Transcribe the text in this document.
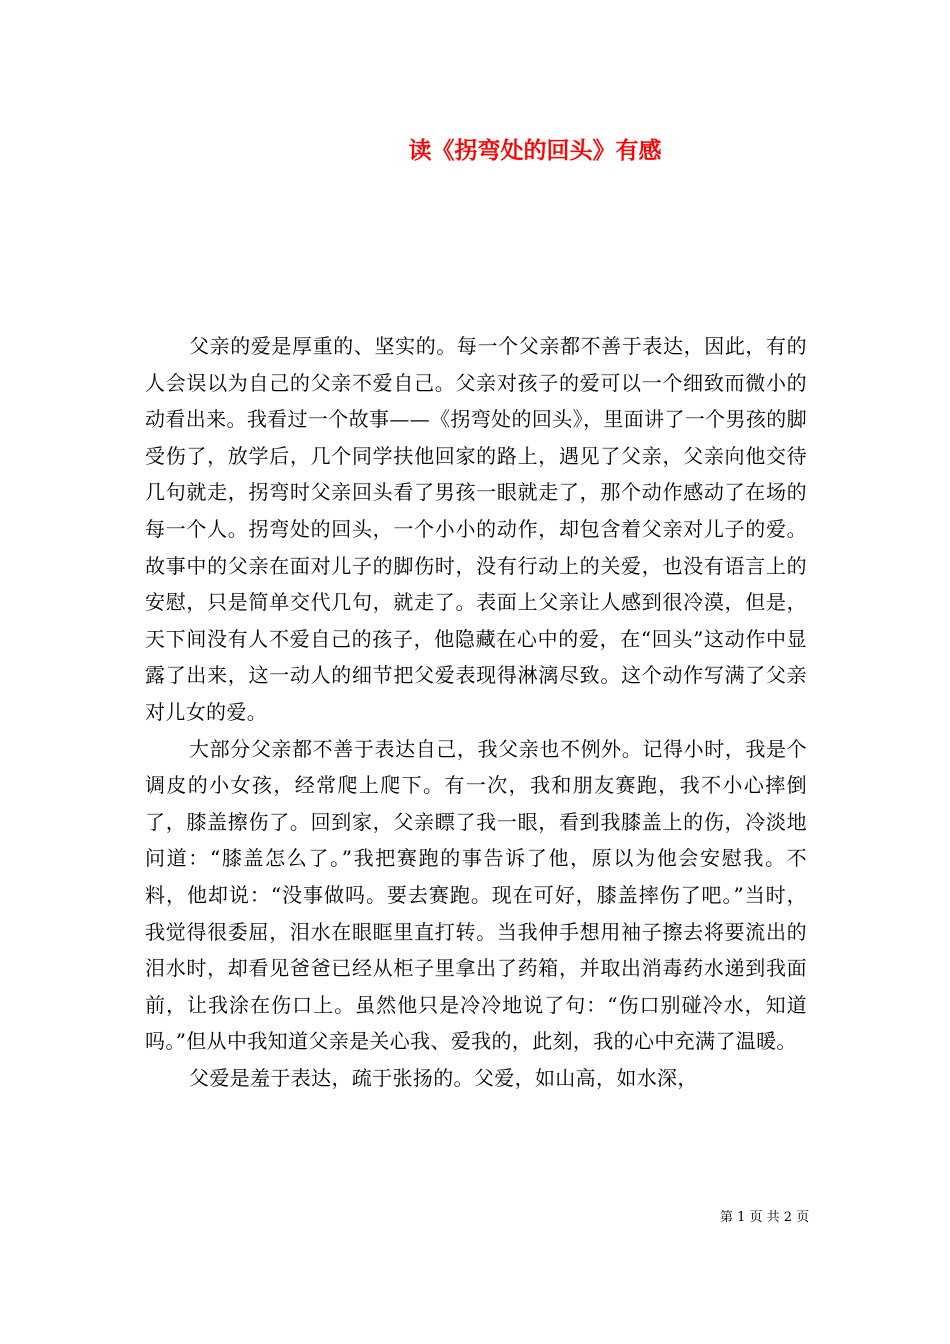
读《拐弯处的回头》有感

父亲的爱是厚重的、坚实的。每一个父亲都不善于表达，因此，有的人会误以为自己的父亲不爱自己。父亲对孩子的爱可以一个细致而微小的动看出来。我看过一个故事——《拐弯处的回头》，里面讲了一个男孩的脚受伤了，放学后，几个同学扶他回家的路上，遇见了父亲，父亲向他交待几句就走，拐弯时父亲回头看了男孩一眼就走了，那个动作感动了在场的每一个人。拐弯处的回头，一个小小的动作，却包含着父亲对儿子的爱。故事中的父亲在面对儿子的脚伤时，没有行动上的关爱，也没有语言上的安慰，只是简单交代几句，就走了。表面上父亲让人感到很冷漠，但是，天下间没有人不爱自己的孩子，他隐藏在心中的爱，在“回头”这动作中显露了出来，这一动人的细节把父爱表现得淋漓尽致。这个动作写满了父亲对儿女的爱。

大部分父亲都不善于表达自己，我父亲也不例外。记得小时，我是个调皮的小女孩，经常爬上爬下。有一次，我和朋友赛跑，我不小心摔倒了，膝盖擦伤了。回到家，父亲瞟了我一眼，看到我膝盖上的伤，冷淡地问道：“膝盖怎么了。”我把赛跑的事告诉了他，原以为他会安慰我。不料，他却说：“没事做吗。要去赛跑。现在可好，膝盖摔伤了吧。”当时，我觉得很委屈，泪水在眼眶里直打转。当我伸手想用袖子擦去将要流出的泪水时，却看见爸爸已经从柜子里拿出了药箱，并取出消毒药水递到我面前，让我涂在伤口上。虽然他只是冷冷地说了句：“伤口别碰冷水，知道吗。”但从中我知道父亲是关心我、爱我的，此刻，我的心中充满了温暖。

父爱是羞于表达，疏于张扬的。父爱，如山高，如水深，

第 1 页 共 2 页
